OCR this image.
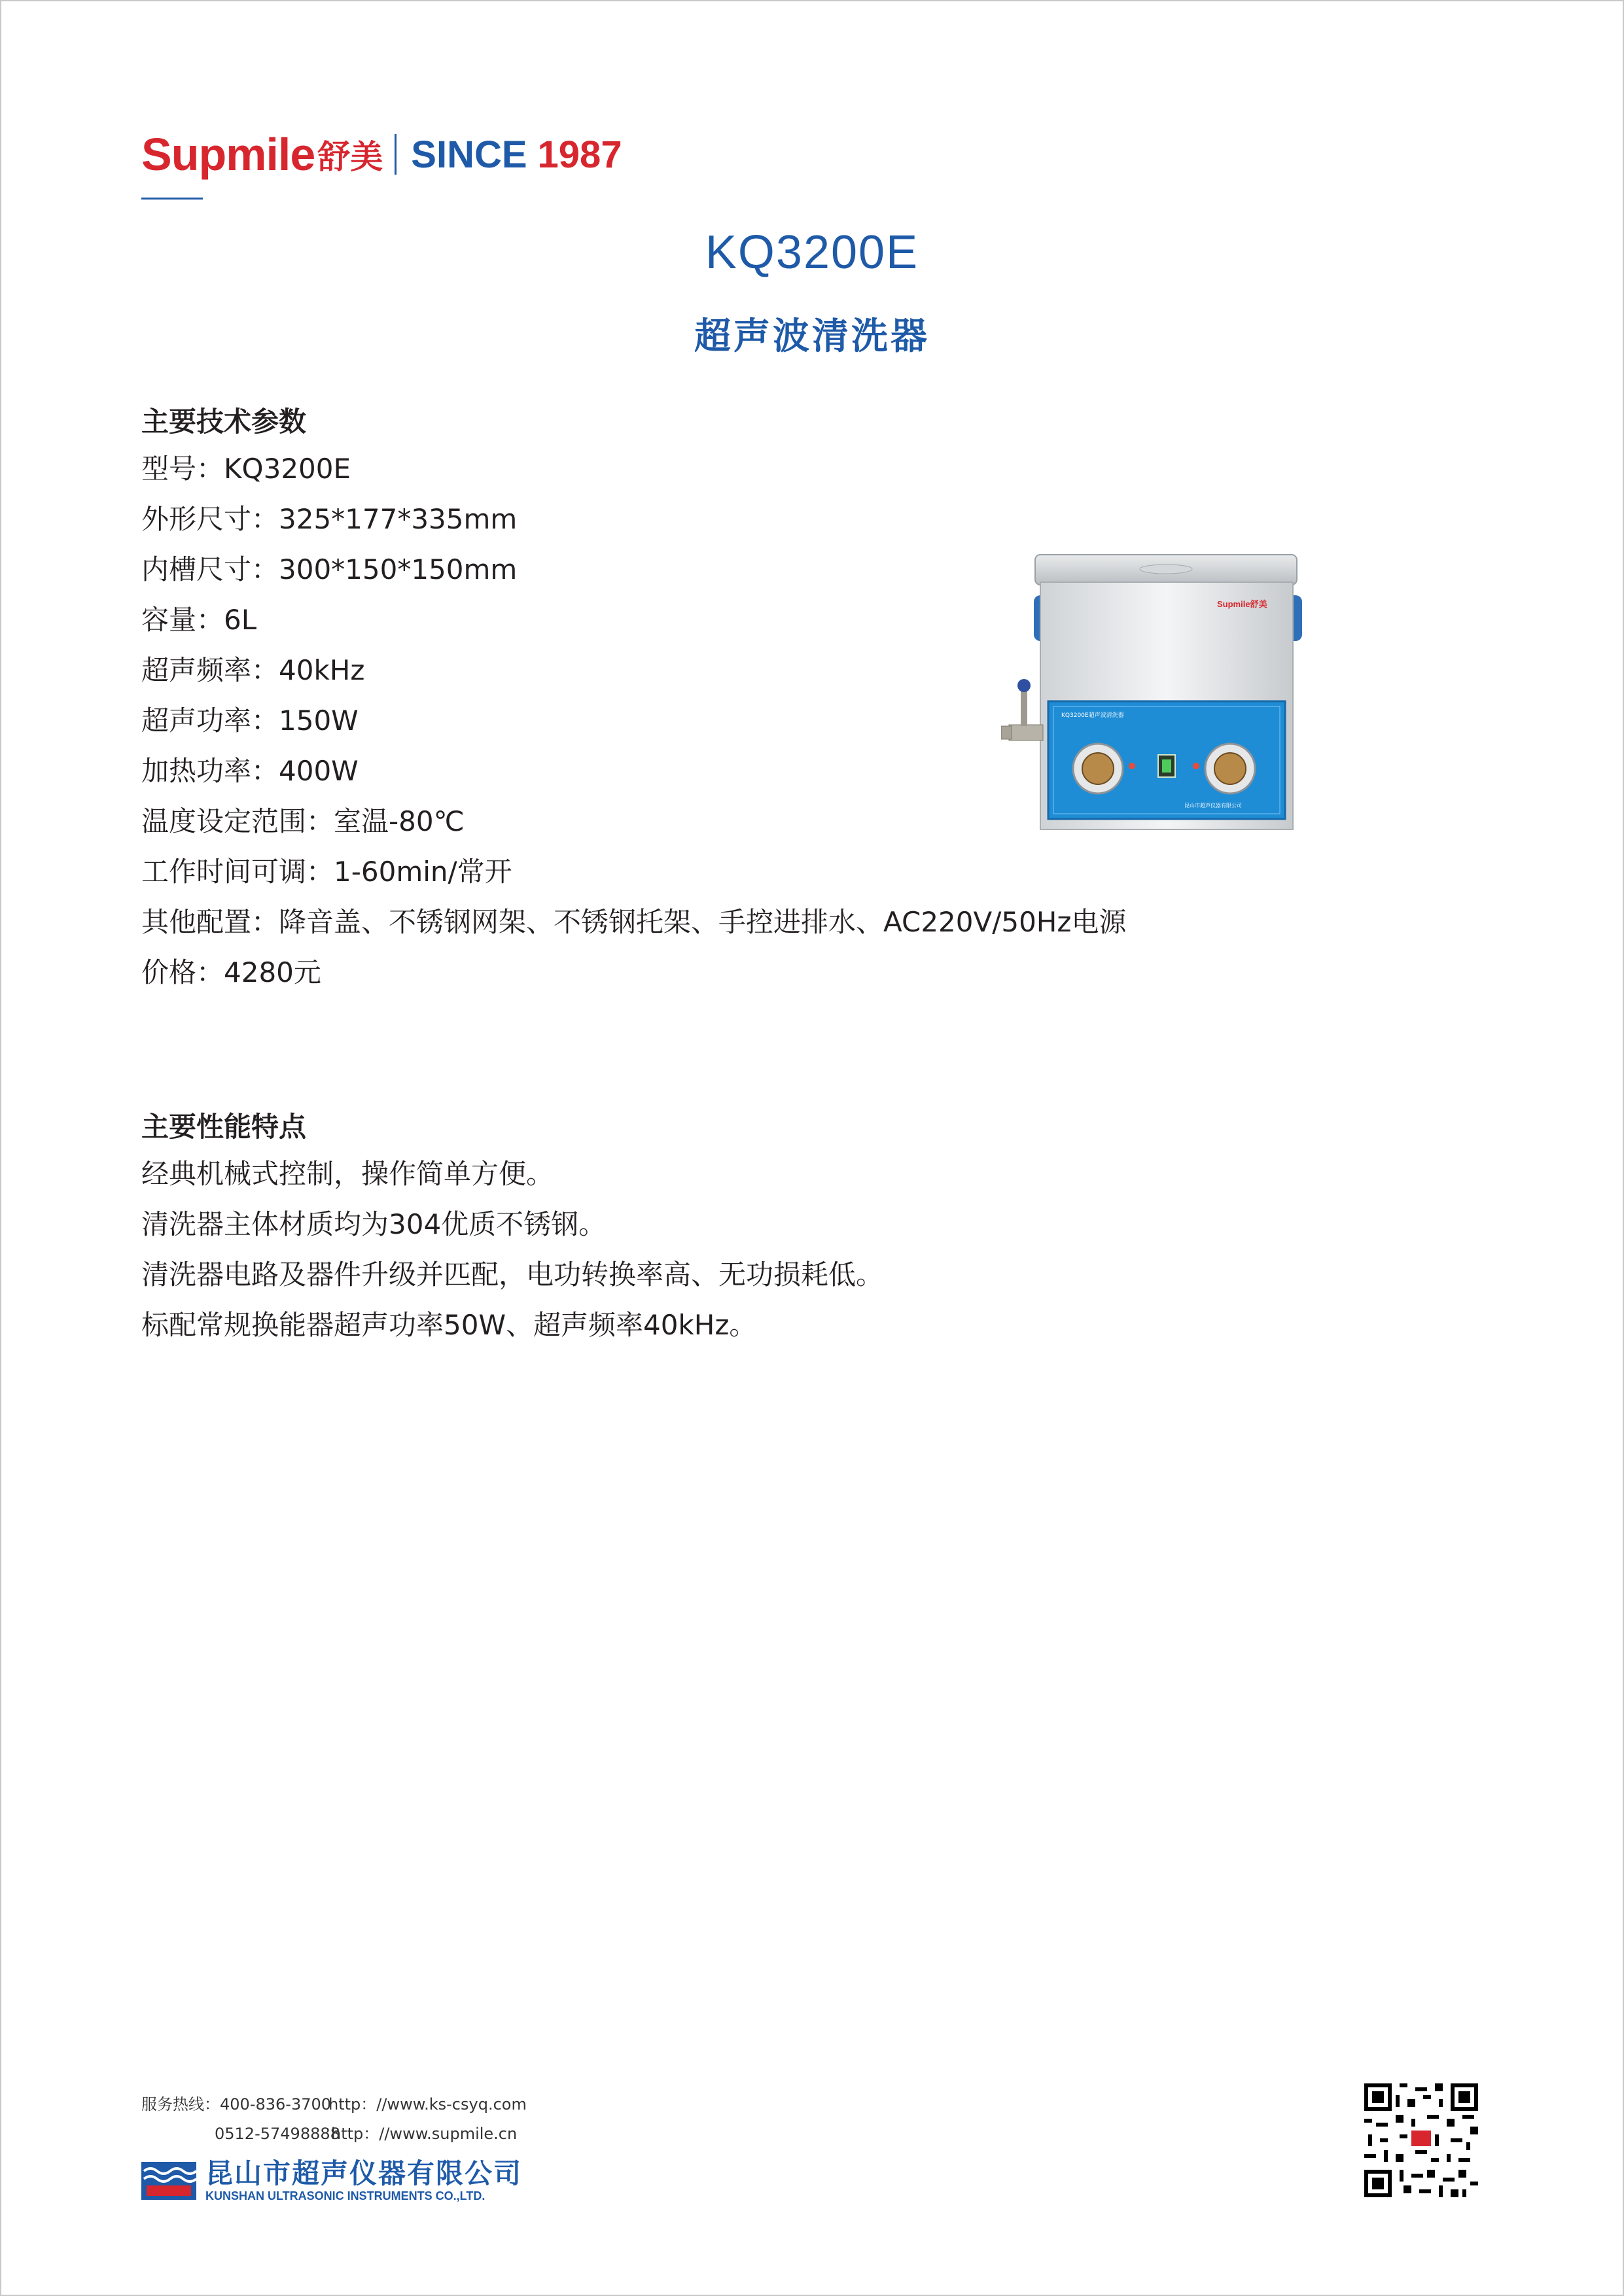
Supmile 舒美 SINCE 1987
KQ3200E
超声波清洗器
主要技术参数
型号：KQ3200E
外形尺寸：325*177*335mm
内槽尺寸：300*150*150mm
容量：6L
超声频率：40kHz
超声功率：150W
加热功率：400W
温度设定范围：室温-80℃
工作时间可调：1-60min/常开
其他配置：降音盖、不锈钢网架、不锈钢托架、手控进排水、AC220V/50Hz电源
价格：4280元
主要性能特点
经典机械式控制，操作简单方便。
清洗器主体材质均为304优质不锈钢。
清洗器电路及器件升级并匹配，电功转换率高、无功损耗低。
标配常规换能器超声功率50W、超声频率40kHz。
Supmile舒美
KQ3200E超声波清洗器
昆山市超声仪器有限公司
服务热线：400-836-3700http：//www.ks-csyq.com
0512-57498888http：//www.supmile.cn
昆山市超声仪器有限公司
KUNSHAN ULTRASONIC INSTRUMENTS CO.,LTD.
